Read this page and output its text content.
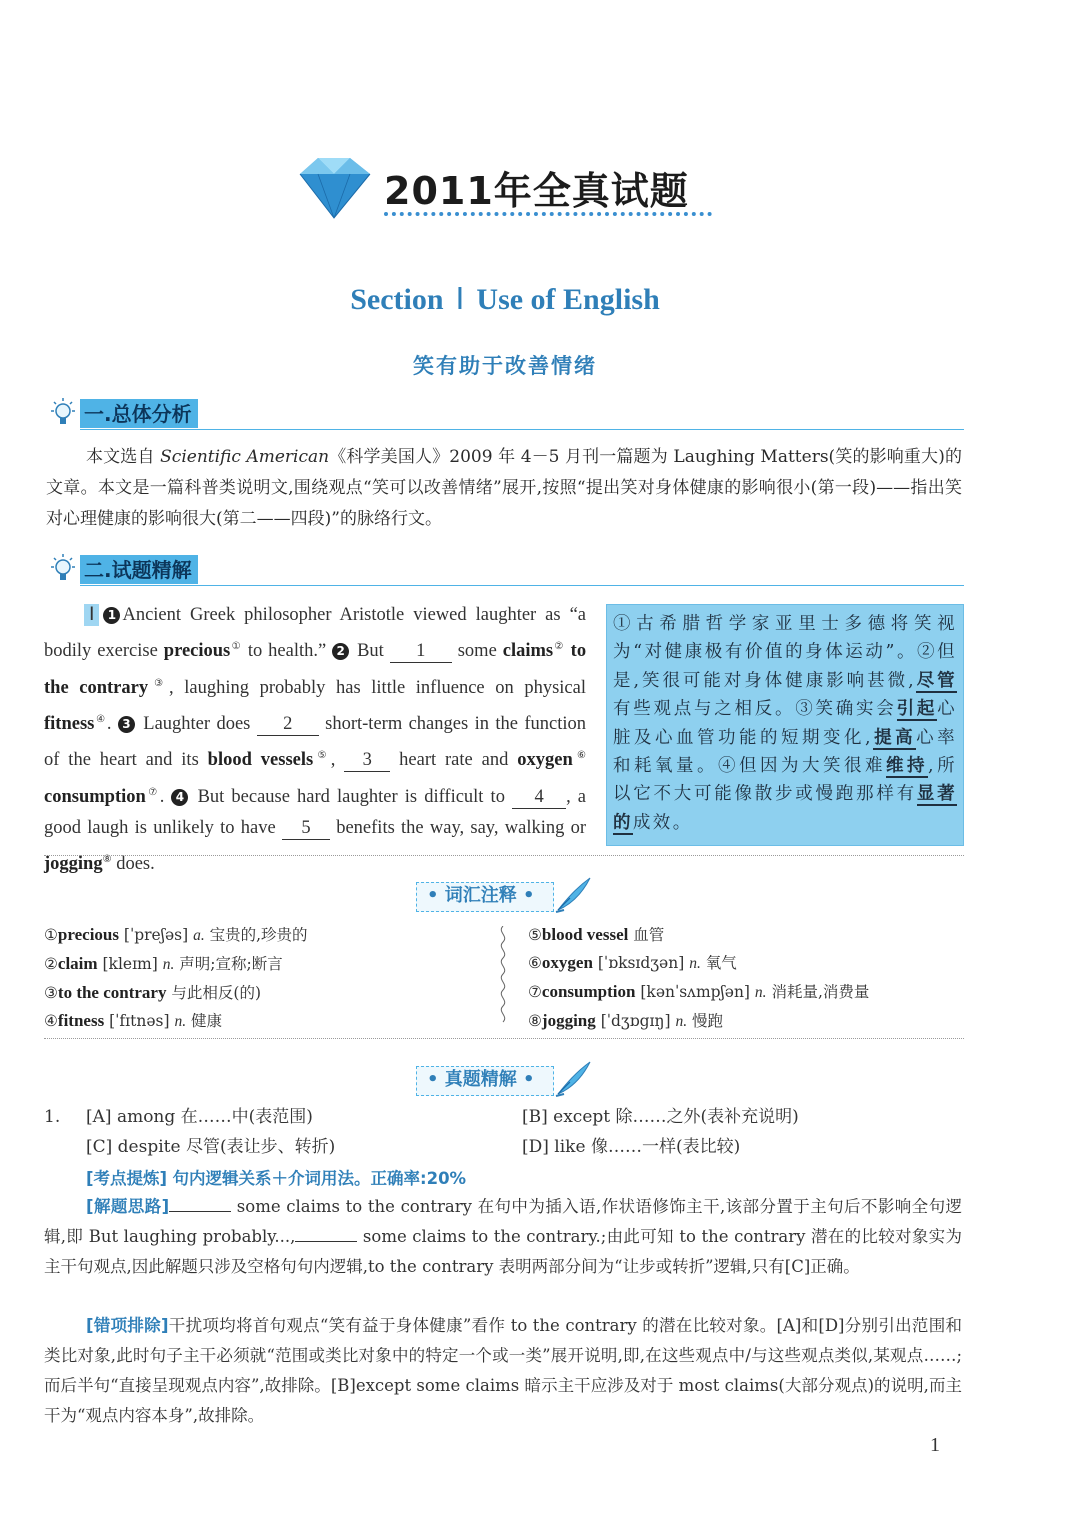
2011年全真试题
Section Ⅰ Use of English
笑有助于改善情绪
一.总体分析
本文选自 Scientific American《科学美国人》2009 年 4－5 月刊一篇题为 Laughing Matters(笑的影响重大)的文章。本文是一篇科普类说明文,围绕观点“笑可以改善情绪”展开,按照“提出笑对身体健康的影响很小(第一段)——指出笑对心理健康的影响很大(第二——四段)”的脉络行文。
二.试题精解
Ⅰ 1 Ancient Greek philosopher Aristotle viewed laughter as “a bodily exercise precious① to health.” 2 But 1 some claims② to the contrary③, laughing probably has little influence on physical fitness④. 3 Laughter does 2 short-term changes in the function of the heart and its blood vessels⑤, 3 heart rate and oxygen⑥ consumption⑦. 4 But because hard laughter is difficult to 4 , a good laugh is unlikely to have 5 benefits the way, say, walking or jogging⑧ does.
①古希腊哲学家亚里士多德将笑视为“对健康极有价值的身体运动”。②但是,笑很可能对身体健康影响甚微,尽管有些观点与之相反。③笑确实会引起心脏及心血管功能的短期变化,提高心率和耗氧量。④但因为大笑很难维持,所以它不大可能像散步或慢跑那样有显著的成效。
• 词汇注释 •
①precious [ˈpreʃəs] a. 宝贵的,珍贵的
②claim [kleɪm] n. 声明;宣称;断言
③to the contrary 与此相反(的)
④fitness [ˈfɪtnəs] n. 健康
⑤blood vessel 血管
⑥oxygen [ˈɒksɪdʒən] n. 氧气
⑦consumption [kənˈsʌmpʃən] n. 消耗量,消费量
⑧jogging [ˈdʒɒgɪŋ] n. 慢跑
• 真题精解 •
1. [A] among 在……中(表范围)	[B] except 除……之外(表补充说明)
[C] despite 尽管(表让步、转折)	[D] like 像……一样(表比较)
[考点提炼] 句内逻辑关系＋介词用法。正确率:20%
[解题思路]	some claims to the contrary 在句中为插入语,作状语修饰主干,该部分置于主句后不影响全句逻辑,即 But laughing probably...,	some claims to the contrary.;由此可知 to the contrary 潜在的比较对象实为主干句观点,因此解题只涉及空格句句内逻辑,to the contrary 表明两部分间为“让步或转折”逻辑,只有[C]正确。
[错项排除]干扰项均将首句观点“笑有益于身体健康”看作 to the contrary 的潜在比较对象。[A]和[D]分别引出范围和类比对象,此时句子主干必须就“范围或类比对象中的特定一个或一类”展开说明,即,在这些观点中/与这些观点类似,某观点……;而后半句“直接呈现观点内容”,故排除。[B]except some claims 暗示主干应涉及对于 most claims(大部分观点)的说明,而主干为“观点内容本身”,故排除。
1
